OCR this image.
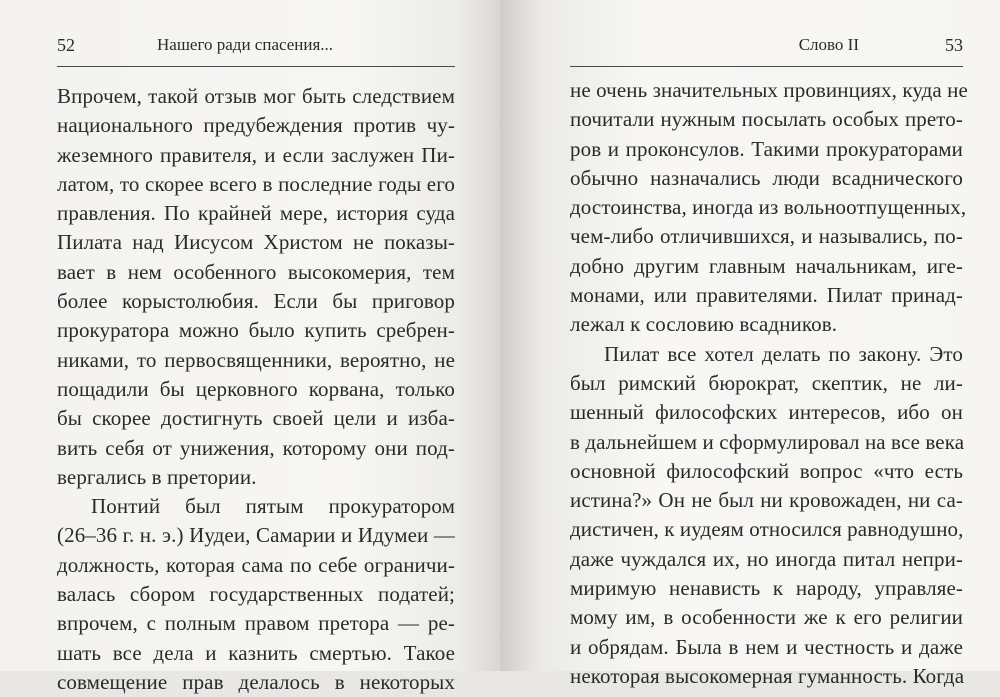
52	Нашего ради спасения...
Впрочем, такой отзыв мог быть следствием
национального предубеждения против чу-
жеземного правителя, и если заслужен Пи-
латом, то скорее всего в последние годы его
правления. По крайней мере, история суда
Пилата над Иисусом Христом не показы-
вает в нем особенного высокомерия, тем
более корыстолюбия. Если бы приговор
прокуратора можно было купить сребрен-
никами, то первосвященники, вероятно, не
пощадили бы церковного корвана, только
бы скорее достигнуть своей цели и изба-
вить себя от унижения, которому они под-
вергались в претории.
Понтий был пятым прокуратором
(26–36 г. н. э.) Иудеи, Самарии и Идумеи —
должность, которая сама по себе ограничи-
валась сбором государственных податей;
впрочем, с полным правом претора — ре-
шать все дела и казнить смертью. Такое
совмещение прав делалось в некоторых
Слово II	53
не очень значительных провинциях, куда не
почитали нужным посылать особых прето-
ров и проконсулов. Такими прокураторами
обычно назначались люди всаднического
достоинства, иногда из вольноотпущенных,
чем-либо отличившихся, и назывались, по-
добно другим главным начальникам, иге-
монами, или правителями. Пилат принад-
лежал к сословию всадников.
Пилат все хотел делать по закону. Это
был римский бюрократ, скептик, не ли-
шенный философских интересов, ибо он
в дальнейшем и сформулировал на все века
основной философский вопрос «что есть
истина?» Он не был ни кровожаден, ни са-
дистичен, к иудеям относился равнодушно,
даже чуждался их, но иногда питал непри-
миримую ненависть к народу, управляе-
мому им, в особенности же к его религии
и обрядам. Была в нем и честность и даже
некоторая высокомерная гуманность. Когда
